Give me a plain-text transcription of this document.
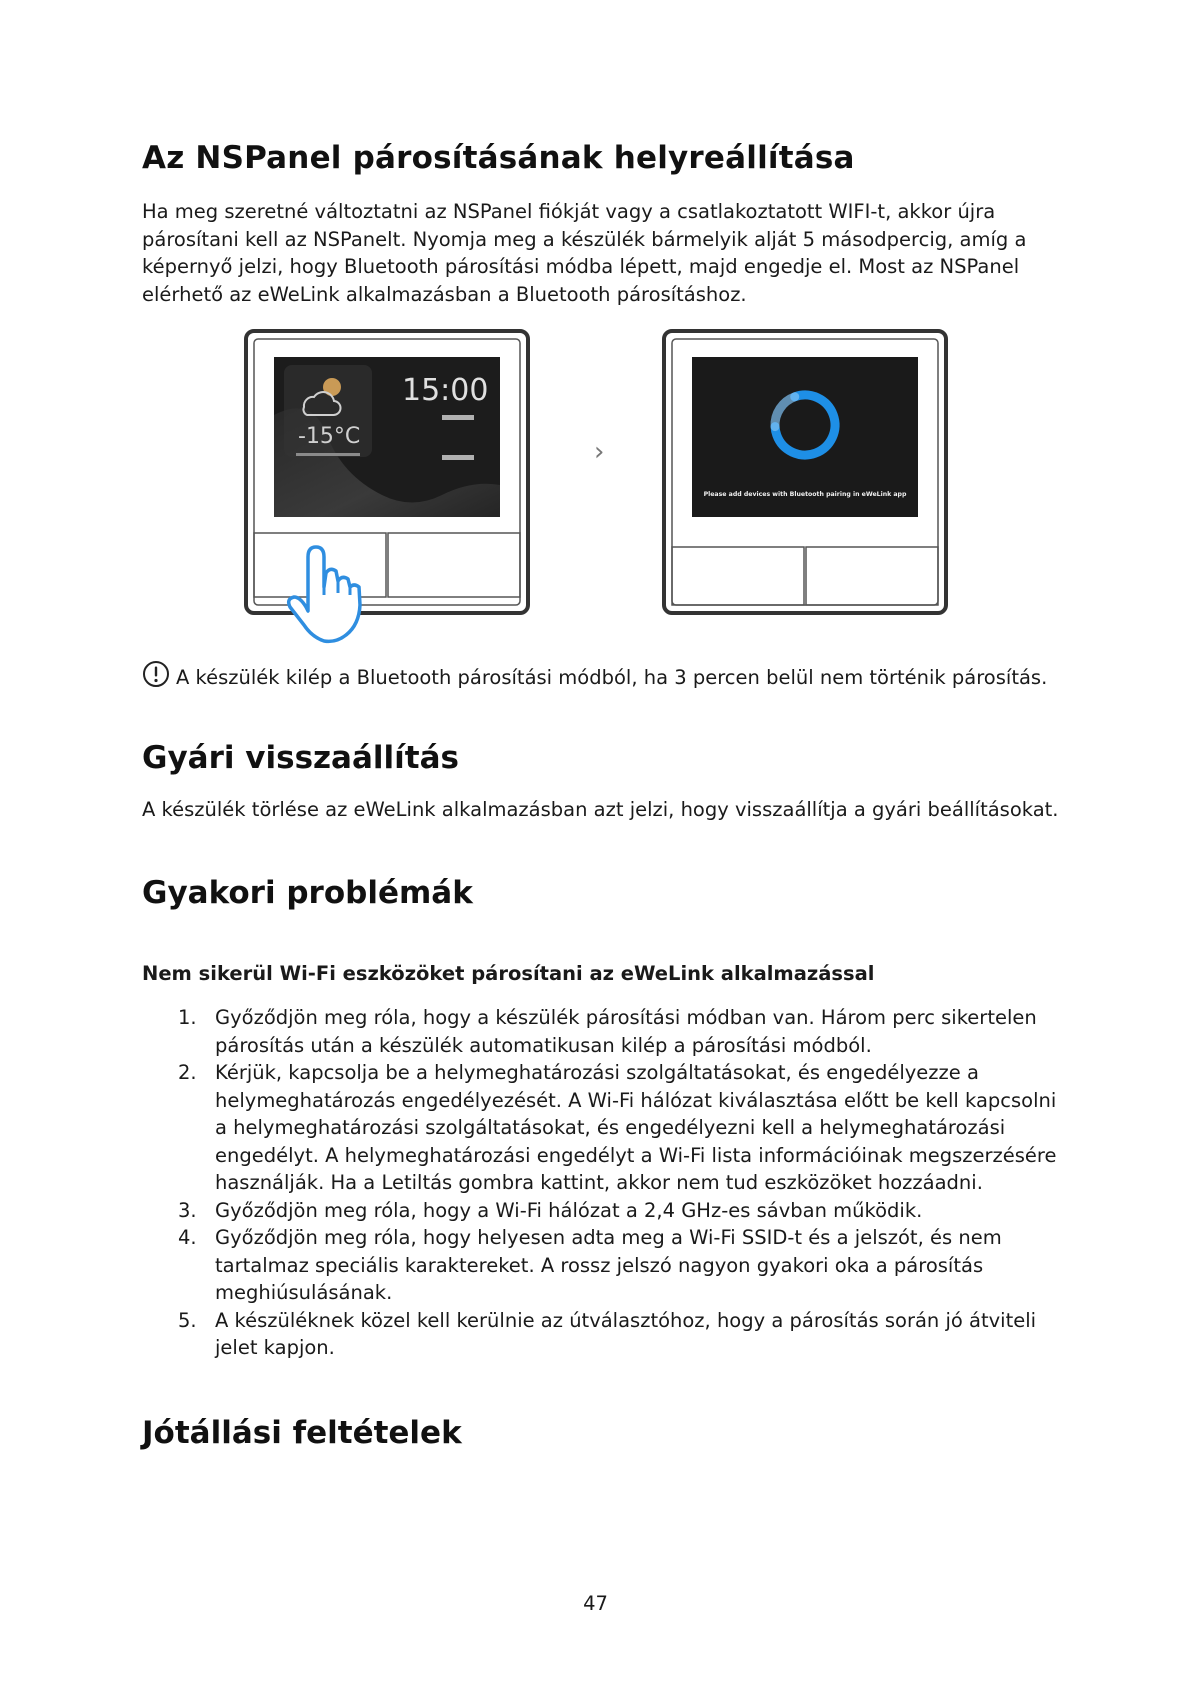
Az NSPanel párosításának helyreállítása

Ha meg szeretné változtatni az NSPanel fiókját vagy a csatlakoztatott WIFI-t, akkor újra párosítani kell az NSPanelt. Nyomja meg a készülék bármelyik alját 5 másodpercig, amíg a képernyő jelzi, hogy Bluetooth párosítási módba lépett, majd engedje el. Most az NSPanel elérhető az eWeLink alkalmazásban a Bluetooth párosításhoz.

-15°C
15:00
›
Please add devices with Bluetooth pairing in eWeLink app

A készülék kilép a Bluetooth párosítási módból, ha 3 percen belül nem történik párosítás.

Gyári visszaállítás

A készülék törlése az eWeLink alkalmazásban azt jelzi, hogy visszaállítja a gyári beállításokat.

Gyakori problémák

Nem sikerül Wi-Fi eszközöket párosítani az eWeLink alkalmazással

1. Győződjön meg róla, hogy a készülék párosítási módban van. Három perc sikertelen párosítás után a készülék automatikusan kilép a párosítási módból.
2. Kérjük, kapcsolja be a helymeghatározási szolgáltatásokat, és engedélyezze a helymeghatározás engedélyezését. A Wi-Fi hálózat kiválasztása előtt be kell kapcsolni a helymeghatározási szolgáltatásokat, és engedélyezni kell a helymeghatározási engedélyt. A helymeghatározási engedélyt a Wi-Fi lista információinak megszerzésére használják. Ha a Letiltás gombra kattint, akkor nem tud eszközöket hozzáadni.
3. Győződjön meg róla, hogy a Wi-Fi hálózat a 2,4 GHz-es sávban működik.
4. Győződjön meg róla, hogy helyesen adta meg a Wi-Fi SSID-t és a jelszót, és nem tartalmaz speciális karaktereket. A rossz jelszó nagyon gyakori oka a párosítás meghiúsulásának.
5. A készüléknek közel kell kerülnie az útválasztóhoz, hogy a párosítás során jó átviteli jelet kapjon.
Jótállási feltételek
47
